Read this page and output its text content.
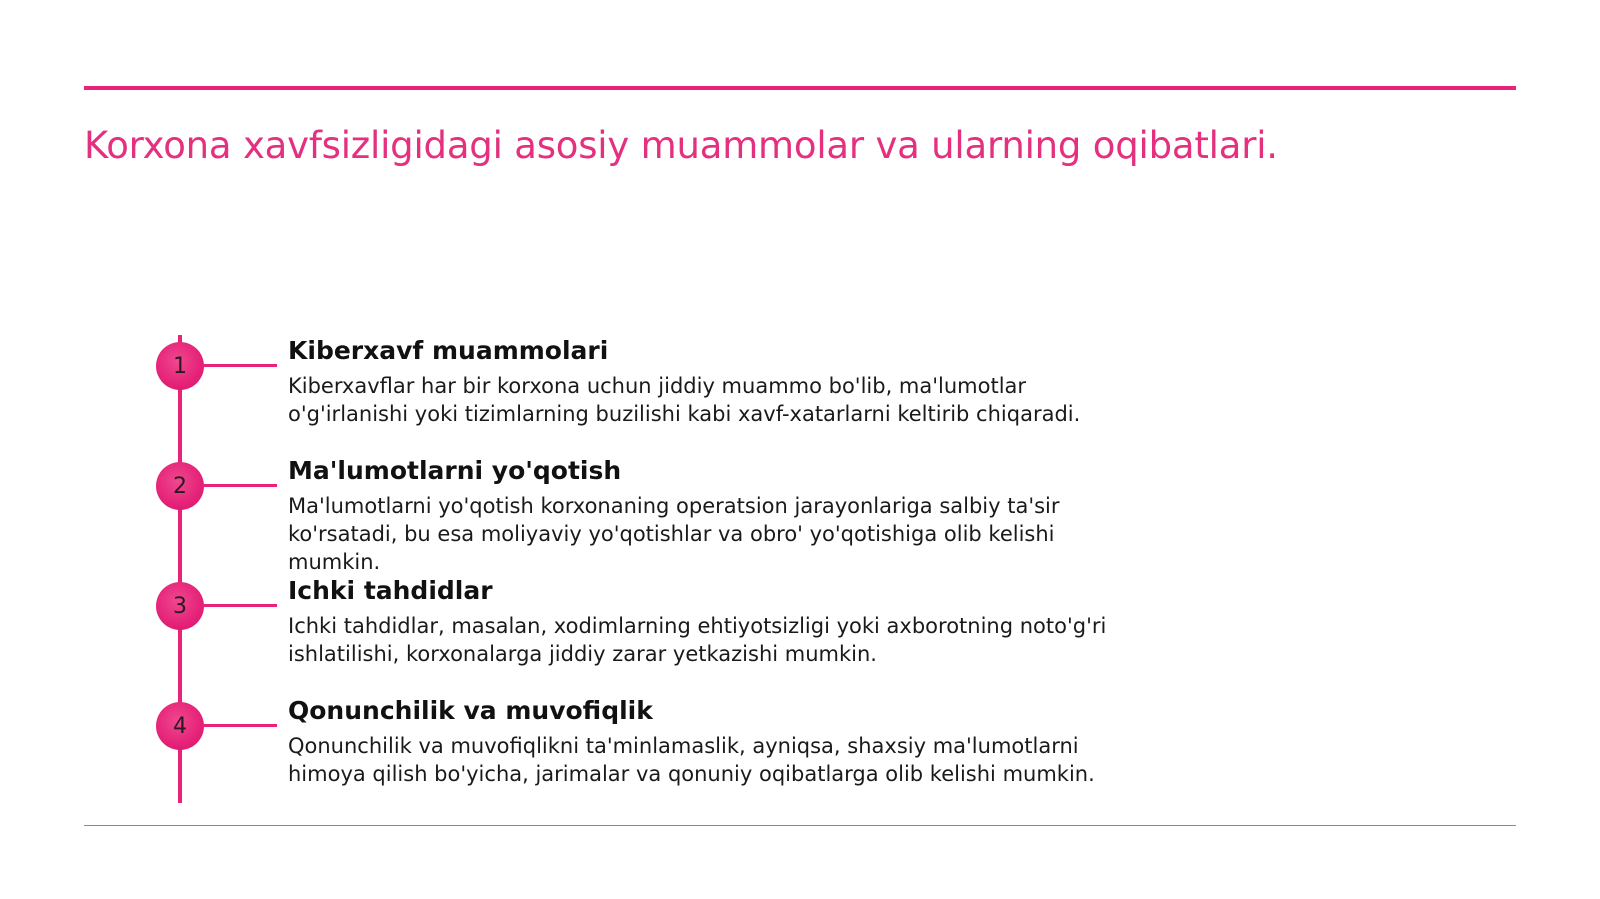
Korxona xavfsizligidagi asosiy muammolar va ularning oqibatlari.
1
Kiberxavf muammolari

Kiberxavflar har bir korxona uchun jiddiy muammo bo'lib, ma'lumotlar o'g'irlanishi yoki tizimlarning buzilishi kabi xavf-xatarlarni keltirib chiqaradi.

2
Ma'lumotlarni yo'qotish

Ma'lumotlarni yo'qotish korxonaning operatsion jarayonlariga salbiy ta'sir ko'rsatadi, bu esa moliyaviy yo'qotishlar va obro' yo'qotishiga olib kelishi mumkin.

3
Ichki tahdidlar

Ichki tahdidlar, masalan, xodimlarning ehtiyotsizligi yoki axborotning noto'g'ri ishlatilishi, korxonalarga jiddiy zarar yetkazishi mumkin.

4
Qonunchilik va muvofiqlik

Qonunchilik va muvofiqlikni ta'minlamaslik, ayniqsa, shaxsiy ma'lumotlarni himoya qilish bo'yicha, jarimalar va qonuniy oqibatlarga olib kelishi mumkin.
